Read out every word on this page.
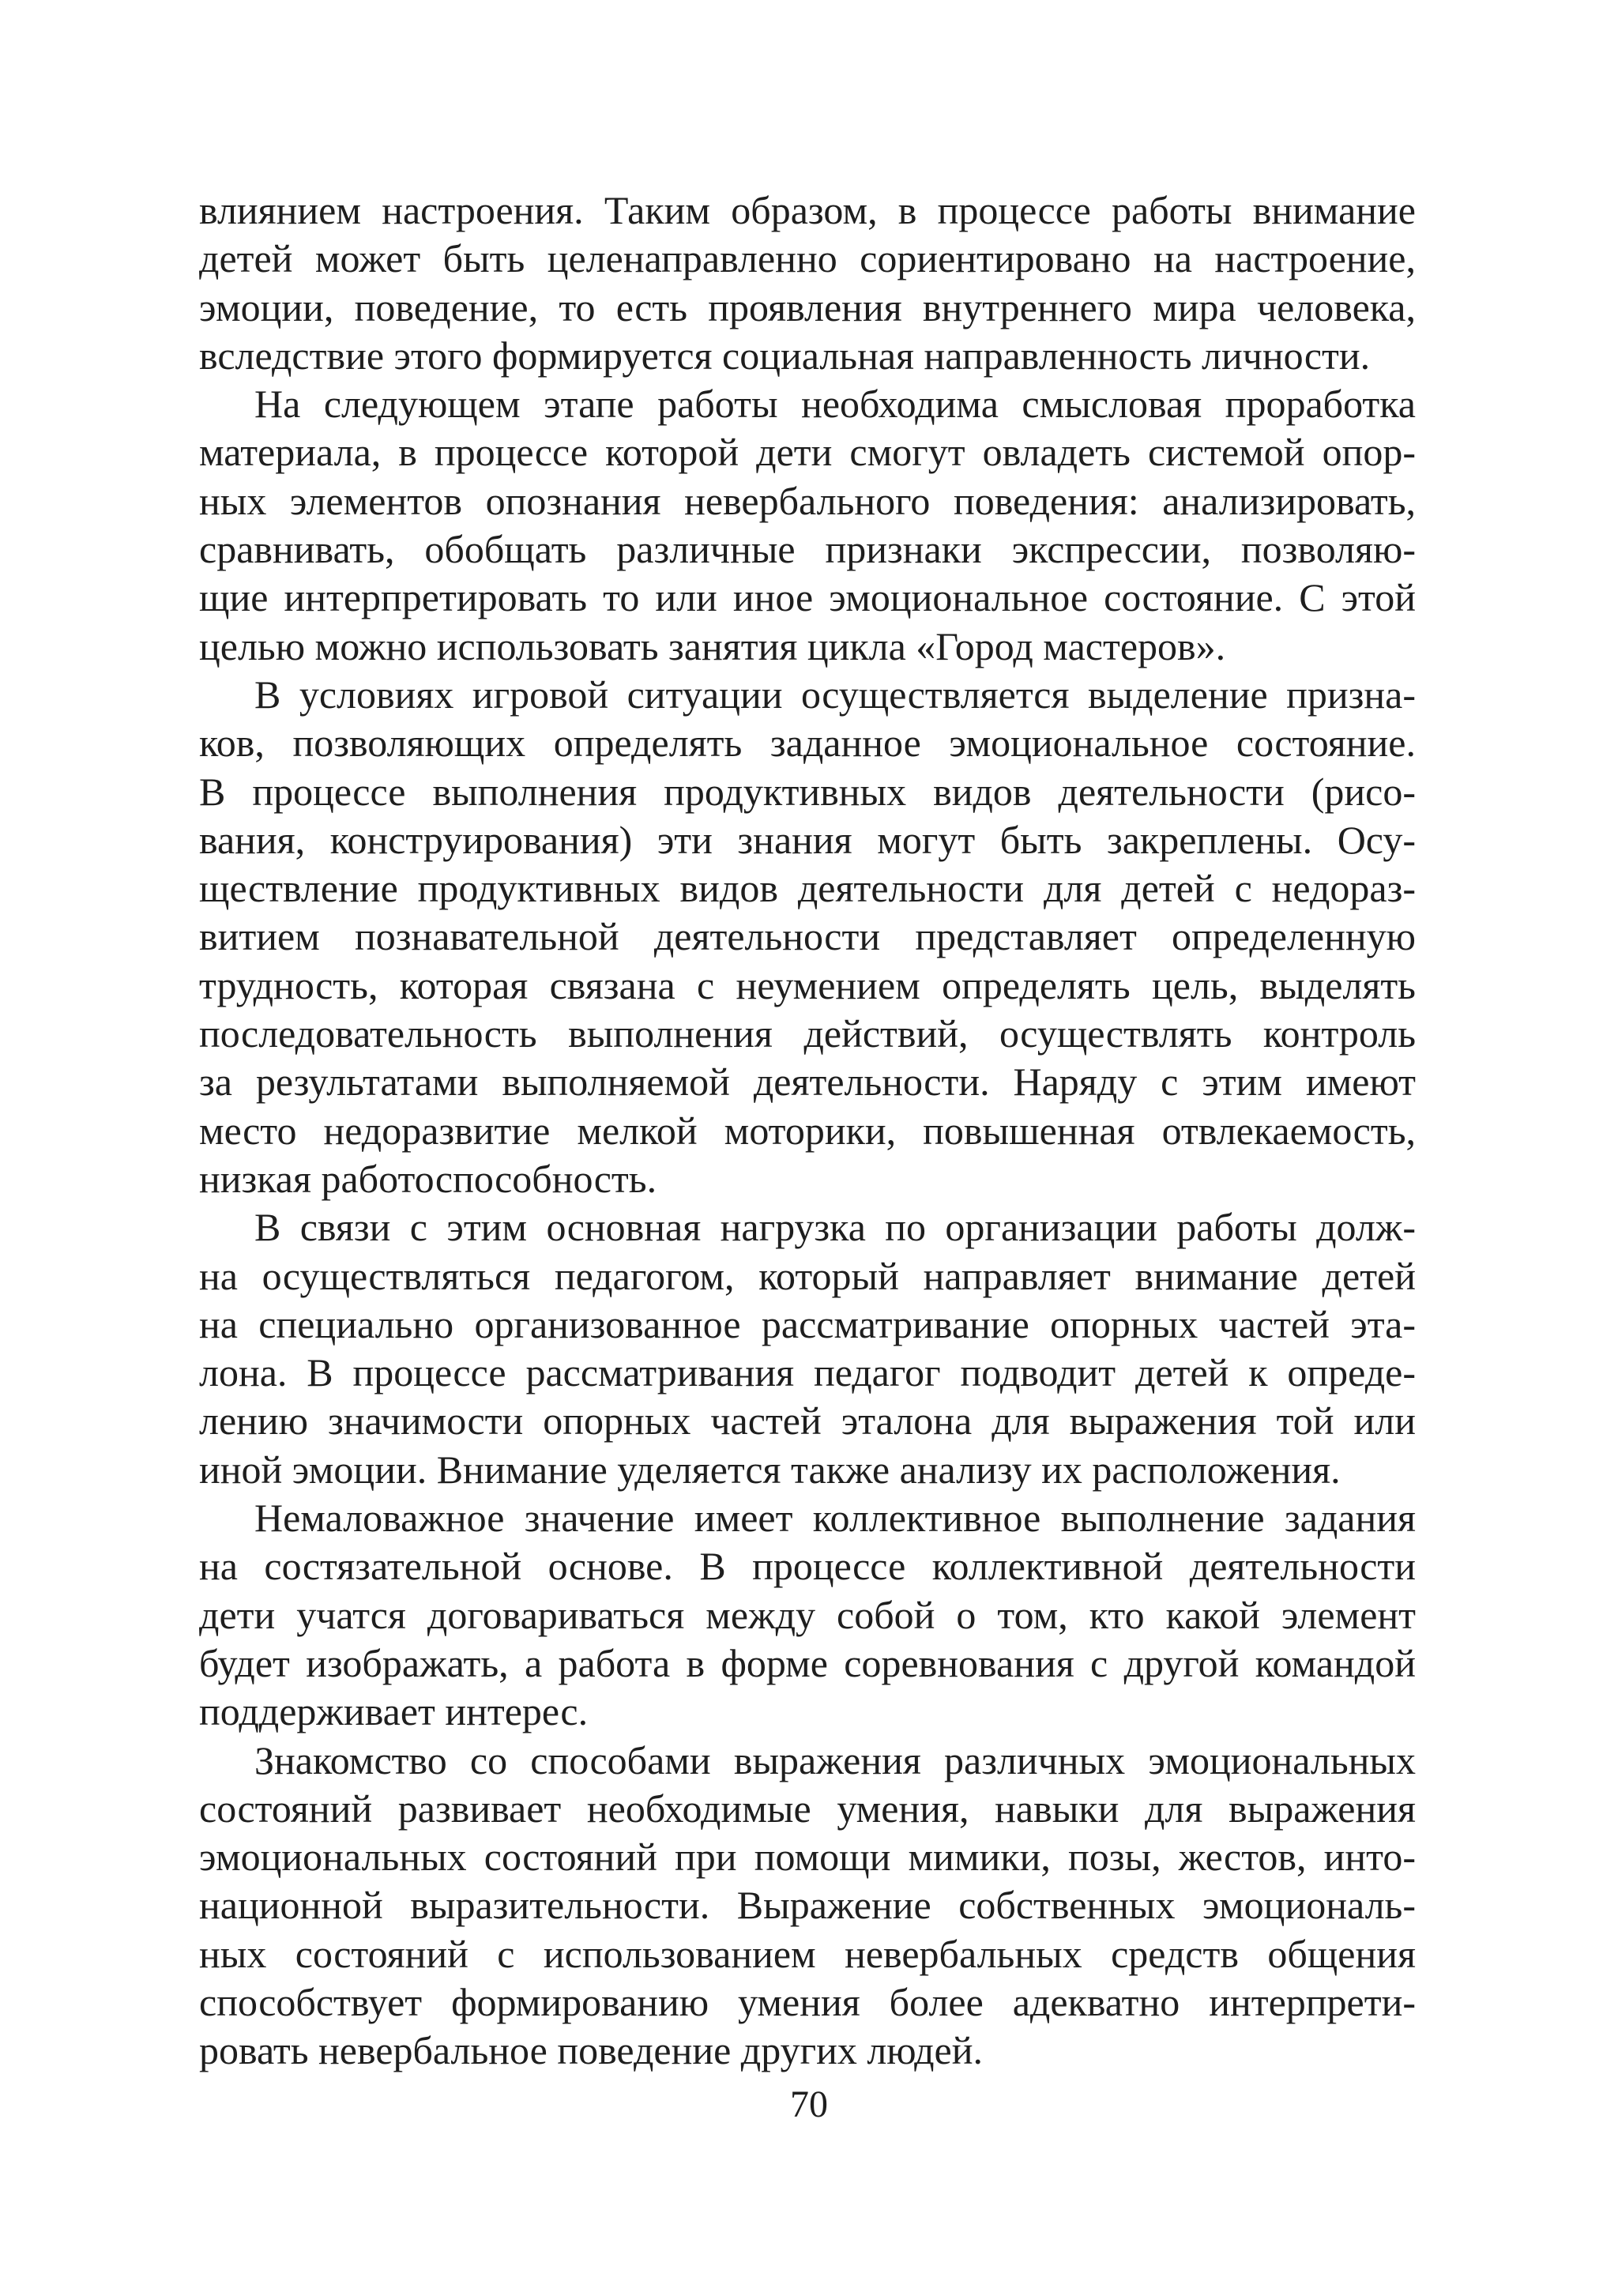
влиянием настроения. Таким образом, в процессе работы внимание
детей может быть целенаправленно сориентировано на настроение,
эмоции, поведение, то есть проявления внутреннего мира человека,
вследствие этого формируется социальная направленность личности.
На следующем этапе работы необходима смысловая проработка
материала, в процессе которой дети смогут овладеть системой опор-
ных элементов опознания невербального поведения: анализировать,
сравнивать, обобщать различные признаки экспрессии, позволяю-
щие интерпретировать то или иное эмоциональное состояние. С этой
целью можно использовать занятия цикла «Город мастеров».
В условиях игровой ситуации осуществляется выделение призна-
ков, позволяющих определять заданное эмоциональное состояние.
В процессе выполнения продуктивных видов деятельности (рисо-
вания, конструирования) эти знания могут быть закреплены. Осу-
ществление продуктивных видов деятельности для детей с недораз-
витием познавательной деятельности представляет определенную
трудность, которая связана с неумением определять цель, выделять
последовательность выполнения действий, осуществлять контроль
за результатами выполняемой деятельности. Наряду с этим имеют
место недоразвитие мелкой моторики, повышенная отвлекаемость,
низкая работоспособность.
В связи с этим основная нагрузка по организации работы долж-
на осуществляться педагогом, который направляет внимание детей
на специально организованное рассматривание опорных частей эта-
лона. В процессе рассматривания педагог подводит детей к опреде-
лению значимости опорных частей эталона для выражения той или
иной эмоции. Внимание уделяется также анализу их расположения.
Немаловажное значение имеет коллективное выполнение задания
на состязательной основе. В процессе коллективной деятельности
дети учатся договариваться между собой о том, кто какой элемент
будет изображать, а работа в форме соревнования с другой командой
поддерживает интерес.
Знакомство со способами выражения различных эмоциональных
состояний развивает необходимые умения, навыки для выражения
эмоциональных состояний при помощи мимики, позы, жестов, инто-
национной выразительности. Выражение собственных эмоциональ-
ных состояний с использованием невербальных средств общения
способствует формированию умения более адекватно интерпрети-
ровать невербальное поведение других людей.
70
